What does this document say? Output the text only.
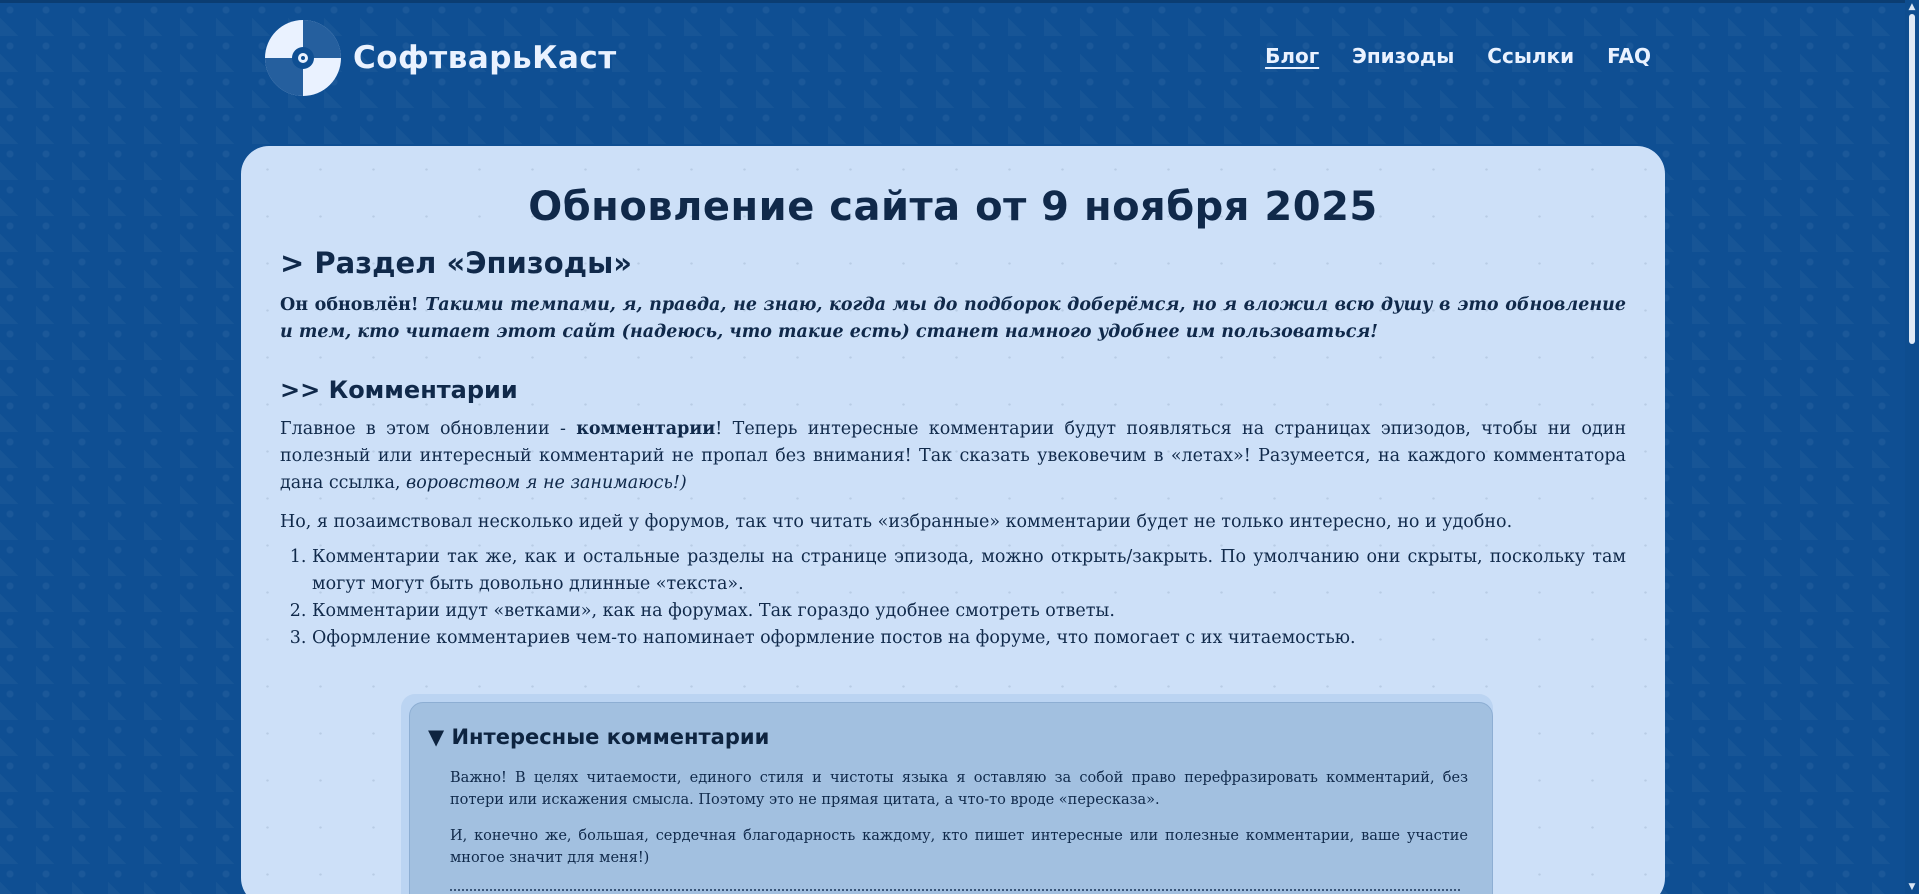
СофтварьКаст	Блог Эпизоды Ссылки FAQ
Обновление сайта от 9 ноября 2025
> Раздел «Эпизоды»

Он обновлён! Такими темпами, я, правда, не знаю, когда мы до подборок доберёмся, но я вложил всю душу в это обновление и тем, кто читает этот сайт (надеюсь, что такие есть) станет намного удобнее им пользоваться!

>> Комментарии

Главное в этом обновлении - комментарии! Теперь интересные комментарии будут появляться на страницах эпизодов, чтобы ни один полезный или интересный комментарий не пропал без внимания! Так сказать увековечим в «летах»! Разумеется, на каждого комментатора дана ссылка, воровством я не занимаюсь!)

Но, я позаимствовал несколько идей у форумов, так что читать «избранные» комментарии будет не только интересно, но и удобно.

1. Комментарии так же, как и остальные разделы на странице эпизода, можно открыть/закрыть. По умолчанию они скрыты, поскольку там могут могут быть довольно длинные «текста».
2. Комментарии идут «ветками», как на форумах. Так гораздо удобнее смотреть ответы.
3. Оформление комментариев чем-то напоминает оформление постов на форуме, что помогает с их читаемостью.
▼ Интересные комментарии

Важно! В целях читаемости, единого стиля и чистоты языка я оставляю за собой право перефразировать комментарий, без потери или искажения смысла. Поэтому это не прямая цитата, а что-то вроде «пересказа».

И, конечно же, большая, сердечная благодарность каждому, кто пишет интересные или полезные комментарии, ваше участие многое значит для меня!)

▲
▼
